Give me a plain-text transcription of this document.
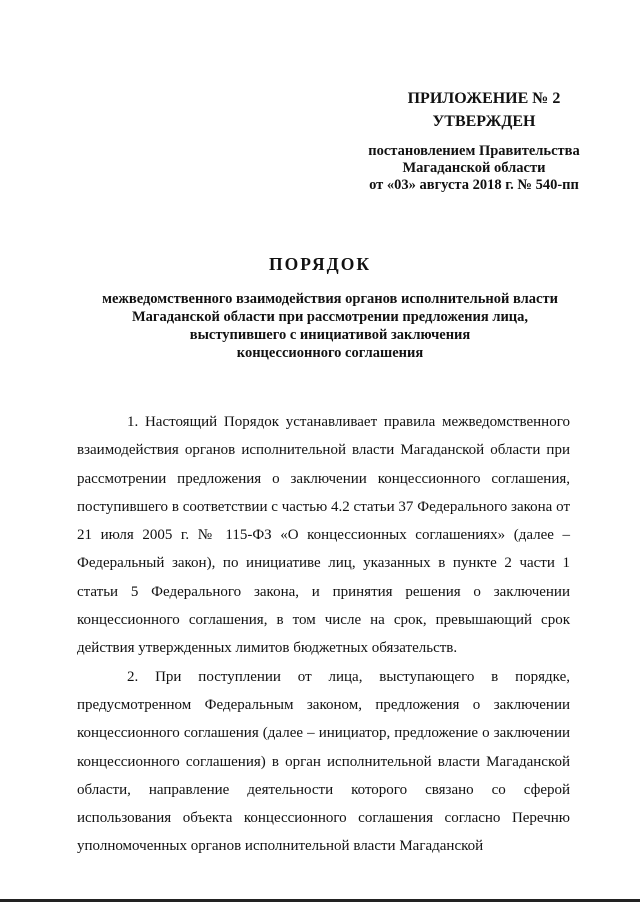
ПРИЛОЖЕНИЕ № 2
УТВЕРЖДЕН
постановлением Правительства
Магаданской области
от «03» августа 2018 г. № 540-пп
ПОРЯДОК
межведомственного взаимодействия органов исполнительной власти
Магаданской области при рассмотрении предложения лица,
выступившего с инициативой заключения
концессионного соглашения

1. Настоящий Порядок устанавливает правила межведомственного взаимодействия органов исполнительной власти Магаданской области при рассмотрении предложения о заключении концессионного соглашения, поступившего в соответствии с частью 4.2 статьи 37 Федерального закона от 21 июля 2005 г. № 115-ФЗ «О концессионных соглашениях» (далее – Федеральный закон), по инициативе лиц, указанных в пункте 2 части 1 статьи 5 Федерального закона, и принятия решения о заключении концессионного соглашения, в том числе на срок, превышающий срок действия утвержденных лимитов бюджетных обязательств.

2. При поступлении от лица, выступающего в порядке, предусмотренном Федеральным законом, предложения о заключении концессионного соглашения (далее – инициатор, предложение о заключении концессионного соглашения) в орган исполнительной власти Магаданской области, направление деятельности которого связано со сферой использования объекта концессионного соглашения согласно Перечню уполномоченных органов исполнительной власти Магаданской
